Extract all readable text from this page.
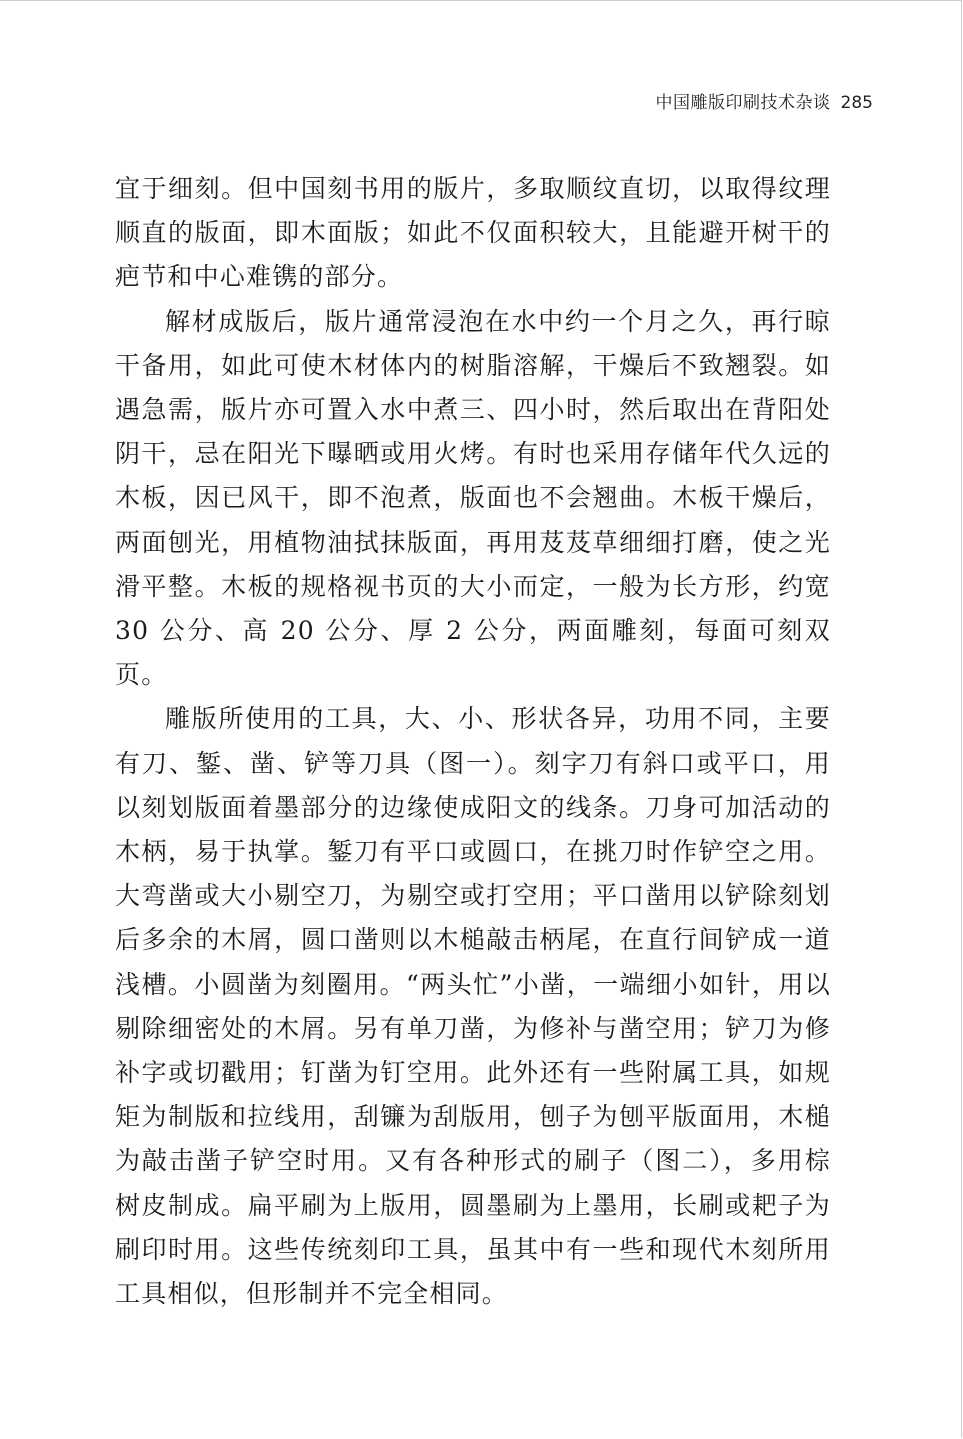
中国雕版印刷技术杂谈 285

宜于细刻。但中国刻书用的版片，多取顺纹直切，以取得纹理顺直的版面，即木面版；如此不仅面积较大，且能避开树干的疤节和中心难镌的部分。

解材成版后，版片通常浸泡在水中约一个月之久，再行晾干备用，如此可使木材体内的树脂溶解，干燥后不致翘裂。如遇急需，版片亦可置入水中煮三、四小时，然后取出在背阳处阴干，忌在阳光下曝晒或用火烤。有时也采用存储年代久远的木板，因已风干，即不泡煮，版面也不会翘曲。木板干燥后，两面刨光，用植物油拭抹版面，再用芨芨草细细打磨，使之光滑平整。木板的规格视书页的大小而定，一般为长方形，约宽 30 公分、高 20 公分、厚 2 公分，两面雕刻，每面可刻双页。

雕版所使用的工具，大、小、形状各异，功用不同，主要有刀、錾、凿、铲等刀具（图一）。刻字刀有斜口或平口，用以刻划版面着墨部分的边缘使成阳文的线条。刀身可加活动的木柄，易于执掌。錾刀有平口或圆口，在挑刀时作铲空之用。大弯凿或大小剔空刀，为剔空或打空用；平口凿用以铲除刻划后多余的木屑，圆口凿则以木槌敲击柄尾，在直行间铲成一道浅槽。小圆凿为刻圈用。“两头忙”小凿，一端细小如针，用以剔除细密处的木屑。另有单刀凿，为修补与凿空用；铲刀为修补字或切戳用；钉凿为钉空用。此外还有一些附属工具，如规矩为制版和拉线用，刮镰为刮版用，刨子为刨平版面用，木槌为敲击凿子铲空时用。又有各种形式的刷子（图二），多用棕树皮制成。扁平刷为上版用，圆墨刷为上墨用，长刷或耙子为刷印时用。这些传统刻印工具，虽其中有一些和现代木刻所用工具相似，但形制并不完全相同。
